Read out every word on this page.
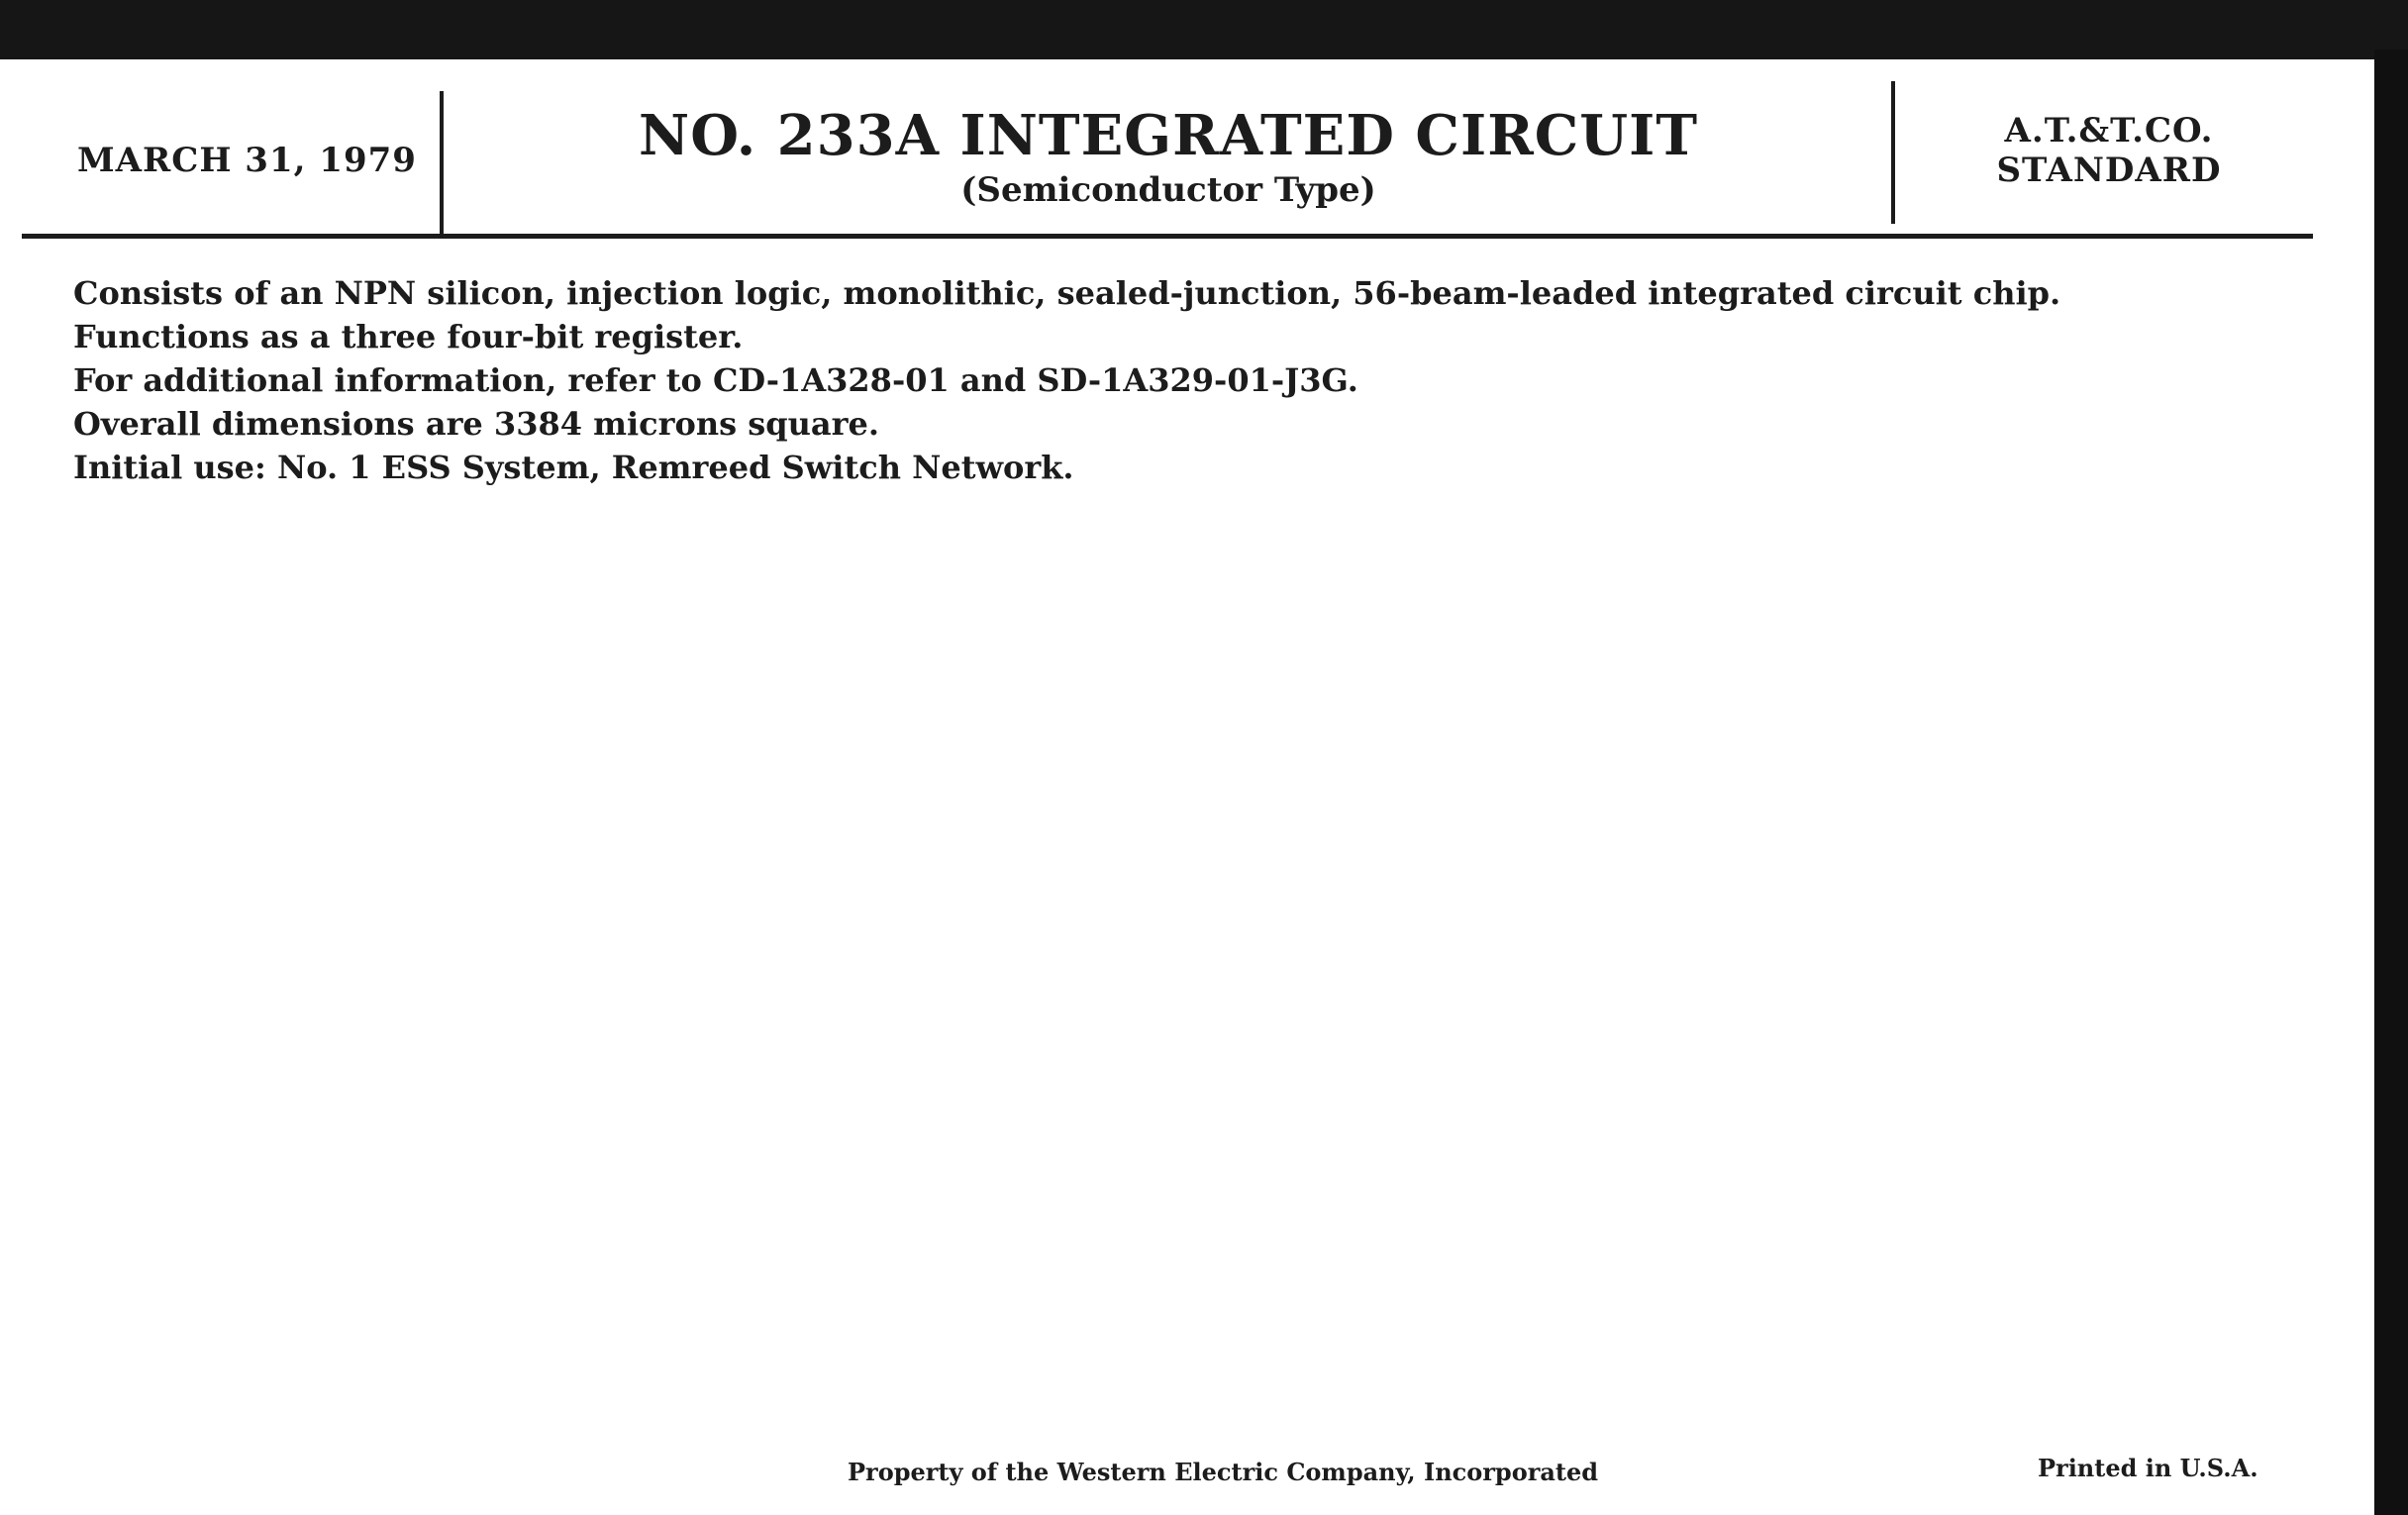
MARCH 31, 1979	NO. 233A INTEGRATED CIRCUIT
(Semiconductor Type)
A.T.&T.CO.
STANDARD
Consists of an NPN silicon, injection logic, monolithic, sealed-junction, 56-beam-leaded integrated circuit chip.
Functions as a three four-bit register.
For additional information, refer to CD-1A328-01 and SD-1A329-01-J3G.
Overall dimensions are 3384 microns square.
Initial use: No. 1 ESS System, Remreed Switch Network.
Property of the Western Electric Company, Incorporated	Printed in U.S.A.
